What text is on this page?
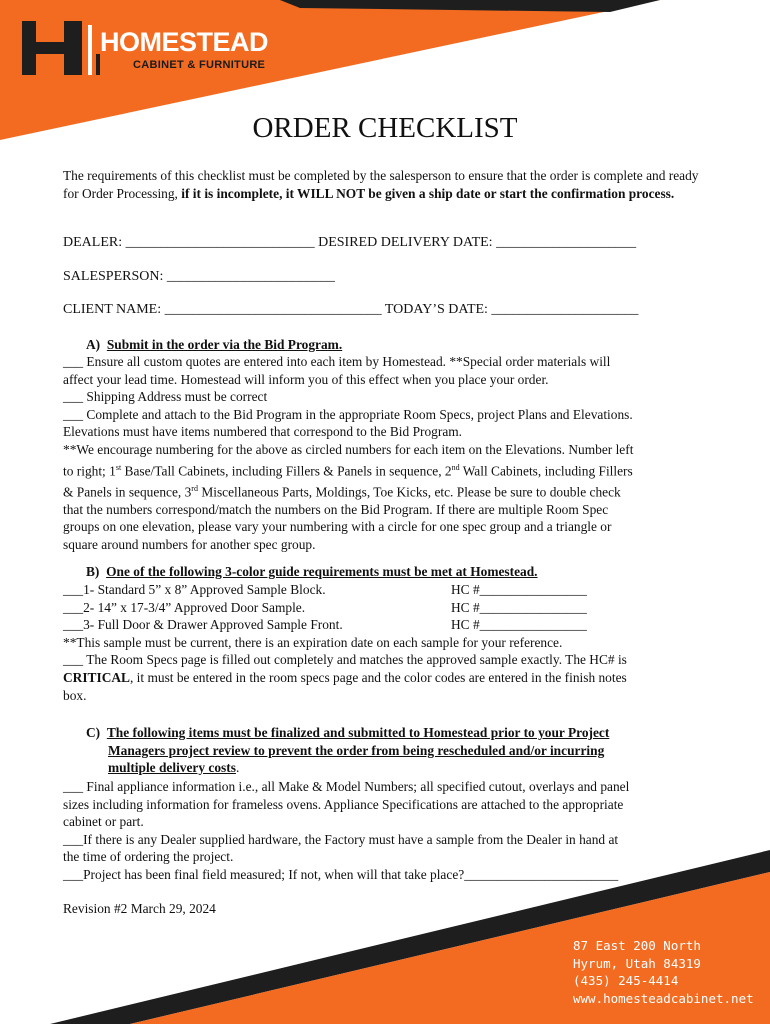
HOMESTEAD
CABINET & FURNITURE
ORDER CHECKLIST
The requirements of this checklist must be completed by the salesperson to ensure that the order is complete and ready for Order Processing, if it is incomplete, it WILL NOT be given a ship date or start the confirmation process.
DEALER: ___________________________ DESIRED DELIVERY DATE: ____________________
SALESPERSON: ________________________
CLIENT NAME: _______________________________ TODAY’S DATE: _____________________
A) Submit in the order via the Bid Program.
___ Ensure all custom quotes are entered into each item by Homestead. **Special order materials will
affect your lead time. Homestead will inform you of this effect when you place your order.
___ Shipping Address must be correct
___ Complete and attach to the Bid Program in the appropriate Room Specs, project Plans and Elevations.
Elevations must have items numbered that correspond to the Bid Program.
**We encourage numbering for the above as circled numbers for each item on the Elevations. Number left
to right; 1st Base/Tall Cabinets, including Fillers & Panels in sequence, 2nd Wall Cabinets, including Fillers
& Panels in sequence, 3rd Miscellaneous Parts, Moldings, Toe Kicks, etc. Please be sure to double check
that the numbers correspond/match the numbers on the Bid Program. If there are multiple Room Spec
groups on one elevation, please vary your numbering with a circle for one spec group and a triangle or
square around numbers for another spec group.
B) One of the following 3-color guide requirements must be met at Homestead.
___1- Standard 5” x 8” Approved Sample Block.	HC #________________
___2- 14” x 17-3/4” Approved Door Sample.	HC #________________
___3- Full Door & Drawer Approved Sample Front.	HC #________________
**This sample must be current, there is an expiration date on each sample for your reference.
___ The Room Specs page is filled out completely and matches the approved sample exactly. The HC# is
CRITICAL, it must be entered in the room specs page and the color codes are entered in the finish notes
box.
C) The following items must be finalized and submitted to Homestead prior to your Project
Managers project review to prevent the order from being rescheduled and/or incurring
multiple delivery costs.
___ Final appliance information i.e., all Make & Model Numbers; all specified cutout, overlays and panel
sizes including information for frameless ovens. Appliance Specifications are attached to the appropriate
cabinet or part.
___If there is any Dealer supplied hardware, the Factory must have a sample from the Dealer in hand at
the time of ordering the project.
___Project has been final field measured; If not, when will that take place?_______________________
Revision #2 March 29, 2024
87 East 200 North
Hyrum, Utah 84319
(435) 245-4414
www.homesteadcabinet.net
